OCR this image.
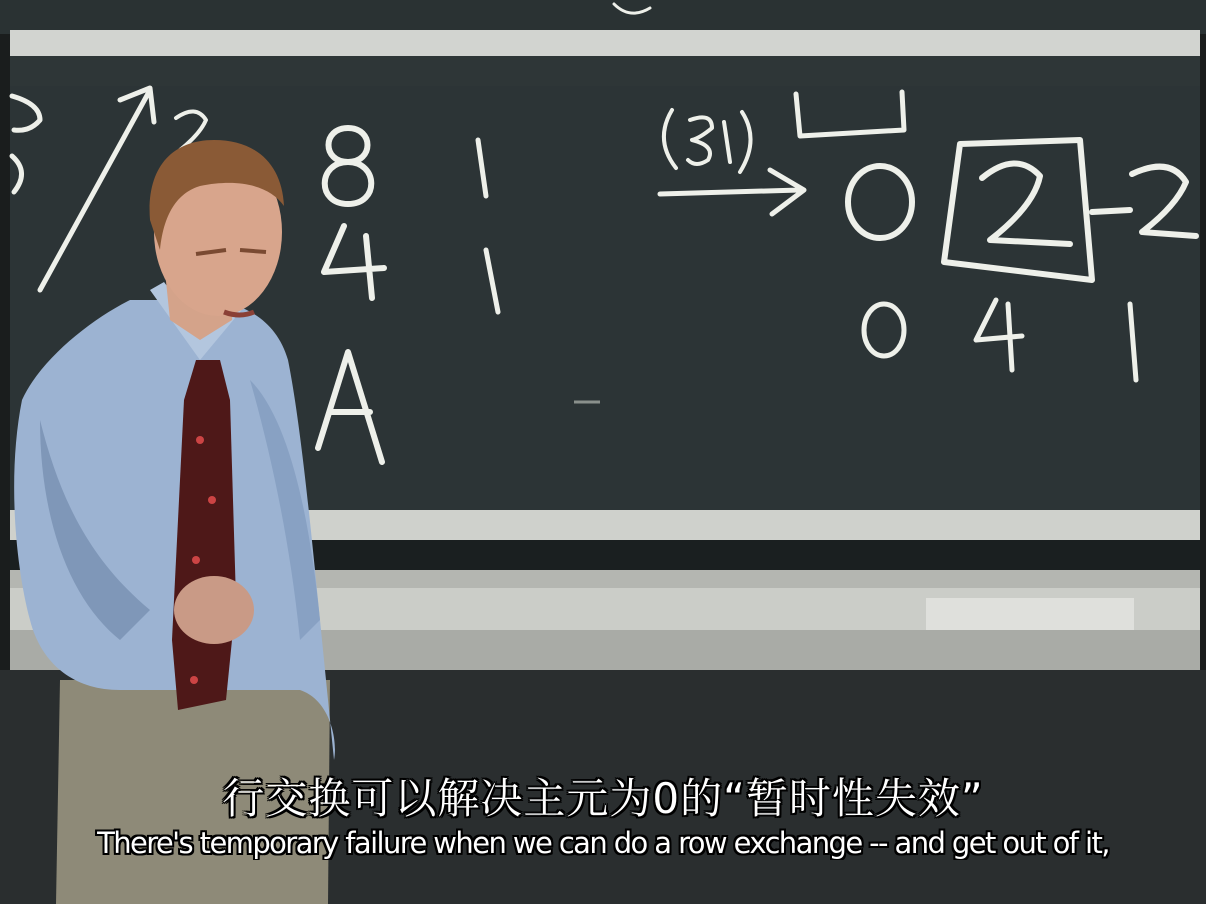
行交换可以解决主元为0的“暂时性失效”
There's temporary failure when we can do a row exchange -- and get out of it,
